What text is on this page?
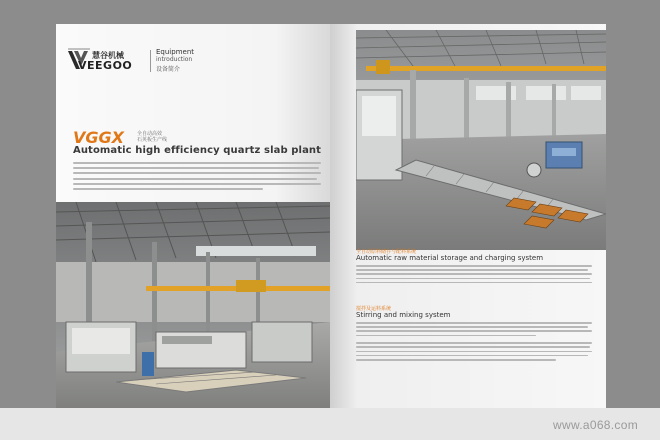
www.a068.com
慧谷机械
VEEGOO
Equipment
introduction
设备简介
VGGX	全自动高效
石英板生产线
Automatic high efficiency quartz slab plant
全自动原料储存与配料系统
Automatic raw material storage and charging system
搅拌及运料系统
Stirring and mixing system
